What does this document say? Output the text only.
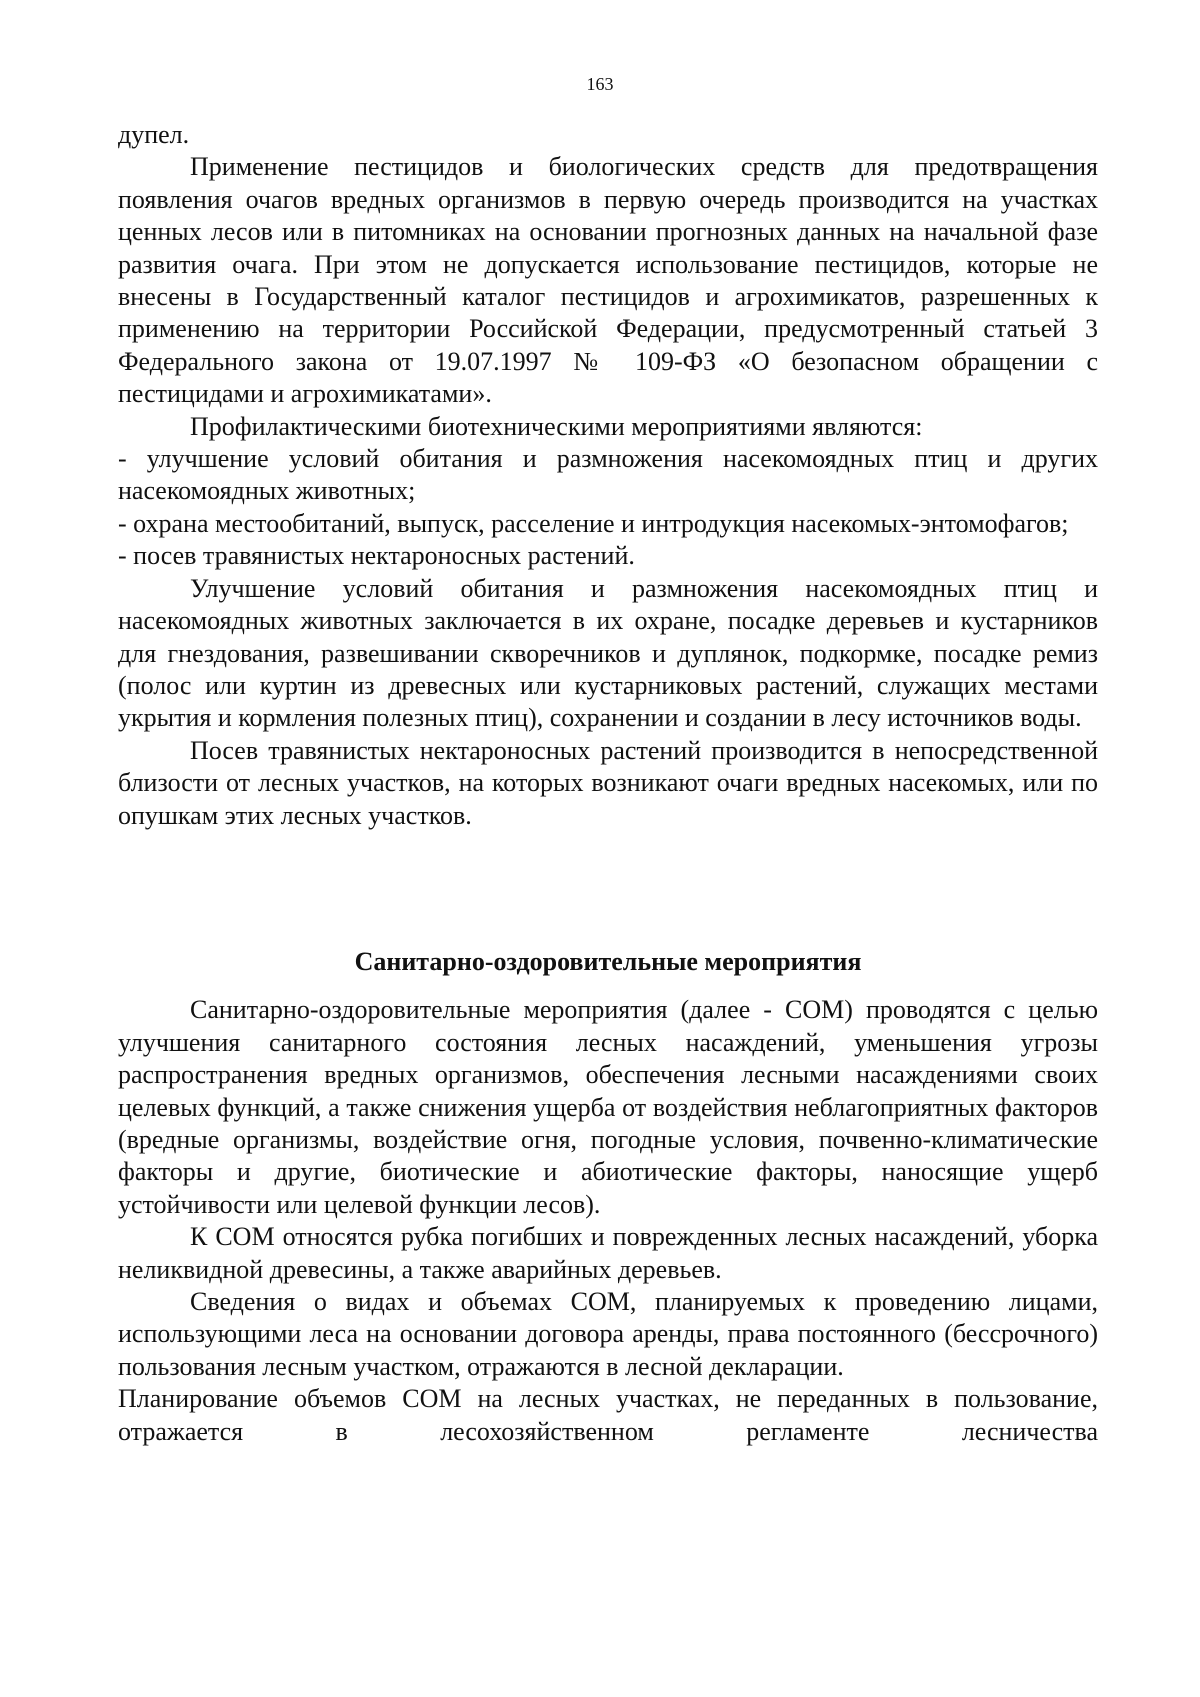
163

дупел.

Применение пестицидов и биологических средств для предотвращения появления очагов вредных организмов в первую очередь производится на участках ценных лесов или в питомниках на основании прогнозных данных на начальной фазе развития очага. При этом не допускается использование пестицидов, которые не внесены в Государственный каталог пестицидов и агрохимикатов, разрешенных к применению на территории Российской Федерации, предусмотренный статьей 3 Федерального закона от 19.07.1997 № 109-ФЗ «О безопасном обращении с пестицидами и агрохимикатами».

Профилактическими биотехническими мероприятиями являются:

- улучшение условий обитания и размножения насекомоядных птиц и других насекомоядных животных;

- охрана местообитаний, выпуск, расселение и интродукция насекомых-энтомофагов;

- посев травянистых нектароносных растений.

Улучшение условий обитания и размножения насекомоядных птиц и насекомоядных животных заключается в их охране, посадке деревьев и кустарников для гнездования, развешивании скворечников и дуплянок, подкормке, посадке ремиз (полос или куртин из древесных или кустарниковых растений, служащих местами укрытия и кормления полезных птиц), сохранении и создании в лесу источников воды.

Посев травянистых нектароносных растений производится в непосредственной близости от лесных участков, на которых возникают очаги вредных насекомых, или по опушкам этих лесных участков.

Санитарно-оздоровительные мероприятия

Санитарно-оздоровительные мероприятия (далее - СОМ) проводятся с целью улучшения санитарного состояния лесных насаждений, уменьшения угрозы распространения вредных организмов, обеспечения лесными насаждениями своих целевых функций, а также снижения ущерба от воздействия неблагоприятных факторов (вредные организмы, воздействие огня, погодные условия, почвенно-климатические факторы и другие, биотические и абиотические факторы, наносящие ущерб устойчивости или целевой функции лесов).

К СОМ относятся рубка погибших и поврежденных лесных насаждений, уборка неликвидной древесины, а также аварийных деревьев.

Сведения о видах и объемах СОМ, планируемых к проведению лицами, использующими леса на основании договора аренды, права постоянного (бессрочного) пользования лесным участком, отражаются в лесной декларации.

Планирование объемов СОМ на лесных участках, не переданных в пользование, отражается в лесохозяйственном регламенте лесничества
